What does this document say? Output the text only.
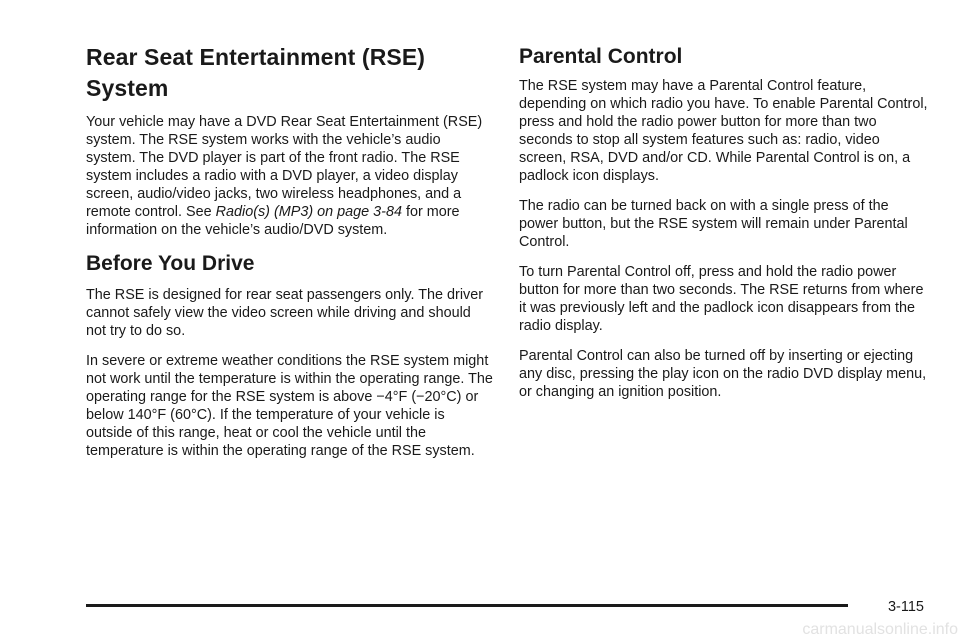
Rear Seat Entertainment (RSE) System

Your vehicle may have a DVD Rear Seat Entertainment (RSE) system. The RSE system works with the vehicle’s audio system. The DVD player is part of the front radio. The RSE system includes a radio with a DVD player, a video display screen, audio/video jacks, two wireless headphones, and a remote control. See Radio(s) (MP3) on page 3-84 for more information on the vehicle’s audio/DVD system.

Before You Drive

The RSE is designed for rear seat passengers only. The driver cannot safely view the video screen while driving and should not try to do so.

In severe or extreme weather conditions the RSE system might not work until the temperature is within the operating range. The operating range for the RSE system is above −4°F (−20°C) or below 140°F (60°C). If the temperature of your vehicle is outside of this range, heat or cool the vehicle until the temperature is within the operating range of the RSE system.

Parental Control

The RSE system may have a Parental Control feature, depending on which radio you have. To enable Parental Control, press and hold the radio power button for more than two seconds to stop all system features such as: radio, video screen, RSA, DVD and/or CD. While Parental Control is on, a padlock icon displays.

The radio can be turned back on with a single press of the power button, but the RSE system will remain under Parental Control.

To turn Parental Control off, press and hold the radio power button for more than two seconds. The RSE returns from where it was previously left and the padlock icon disappears from the radio display.

Parental Control can also be turned off by inserting or ejecting any disc, pressing the play icon on the radio DVD display menu, or changing an ignition position.

3-115
carmanualsonline.info
